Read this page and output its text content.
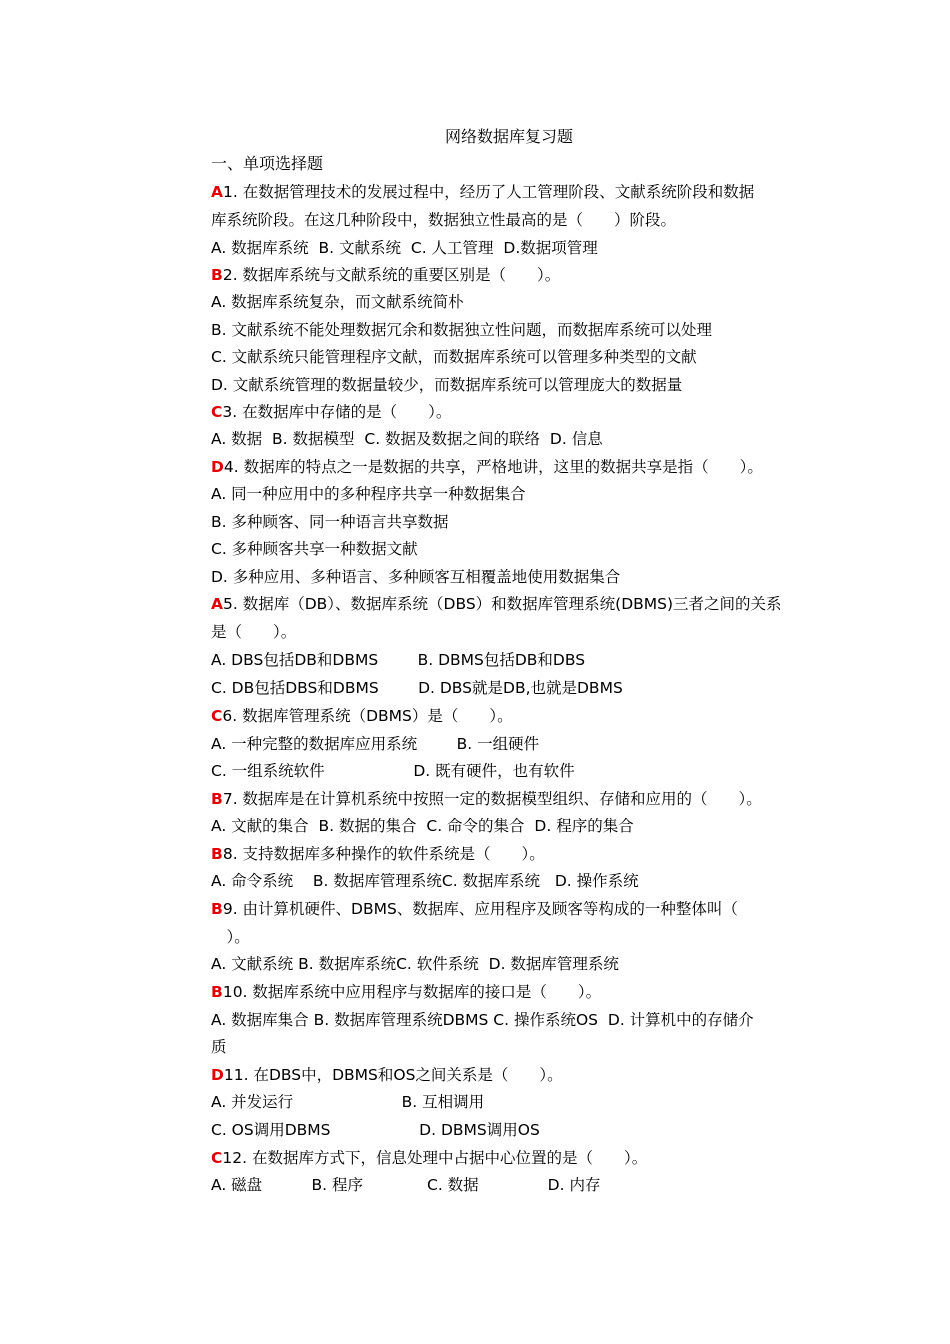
网络数据库复习题
一、单项选择题
A1. 在数据管理技术的发展过程中，经历了人工管理阶段、文献系统阶段和数据
库系统阶段。在这几种阶段中，数据独立性最高的是（　　）阶段。
A. 数据库系统  B. 文献系统  C. 人工管理  D.数据项管理
B2. 数据库系统与文献系统的重要区别是（　　）。
A. 数据库系统复杂，而文献系统简朴
B. 文献系统不能处理数据冗余和数据独立性问题，而数据库系统可以处理
C. 文献系统只能管理程序文献，而数据库系统可以管理多种类型的文献
D. 文献系统管理的数据量较少，而数据库系统可以管理庞大的数据量
C3. 在数据库中存储的是（　　）。
A. 数据  B. 数据模型  C. 数据及数据之间的联络  D. 信息
D4. 数据库的特点之一是数据的共享，严格地讲，这里的数据共享是指（　　）。
A. 同一种应用中的多种程序共享一种数据集合
B. 多种顾客、同一种语言共享数据
C. 多种顾客共享一种数据文献
D. 多种应用、多种语言、多种顾客互相覆盖地使用数据集合
A5. 数据库（DB）、数据库系统（DBS）和数据库管理系统(DBMS)三者之间的关系
是（　　）。
A. DBS包括DB和DBMS        B. DBMS包括DB和DBS
C. DB包括DBS和DBMS        D. DBS就是DB,也就是DBMS
C6. 数据库管理系统（DBMS）是（　　）。
A. 一种完整的数据库应用系统        B. 一组硬件
C. 一组系统软件                  D. 既有硬件，也有软件
B7. 数据库是在计算机系统中按照一定的数据模型组织、存储和应用的（　　）。
A. 文献的集合  B. 数据的集合  C. 命令的集合  D. 程序的集合
B8. 支持数据库多种操作的软件系统是（　　）。
A. 命令系统    B. 数据库管理系统C. 数据库系统   D. 操作系统
B9. 由计算机硬件、DBMS、数据库、应用程序及顾客等构成的一种整体叫（
　）。
A. 文献系统 B. 数据库系统C. 软件系统  D. 数据库管理系统
B10. 数据库系统中应用程序与数据库的接口是（　　）。
A. 数据库集合 B. 数据库管理系统DBMS C. 操作系统OS  D. 计算机中的存储介
质
D11. 在DBS中，DBMS和OS之间关系是（　　）。
A. 并发运行                      B. 互相调用
C. OS调用DBMS                  D. DBMS调用OS
C12. 在数据库方式下，信息处理中占据中心位置的是（　　）。
A. 磁盘          B. 程序             C. 数据              D. 内存
